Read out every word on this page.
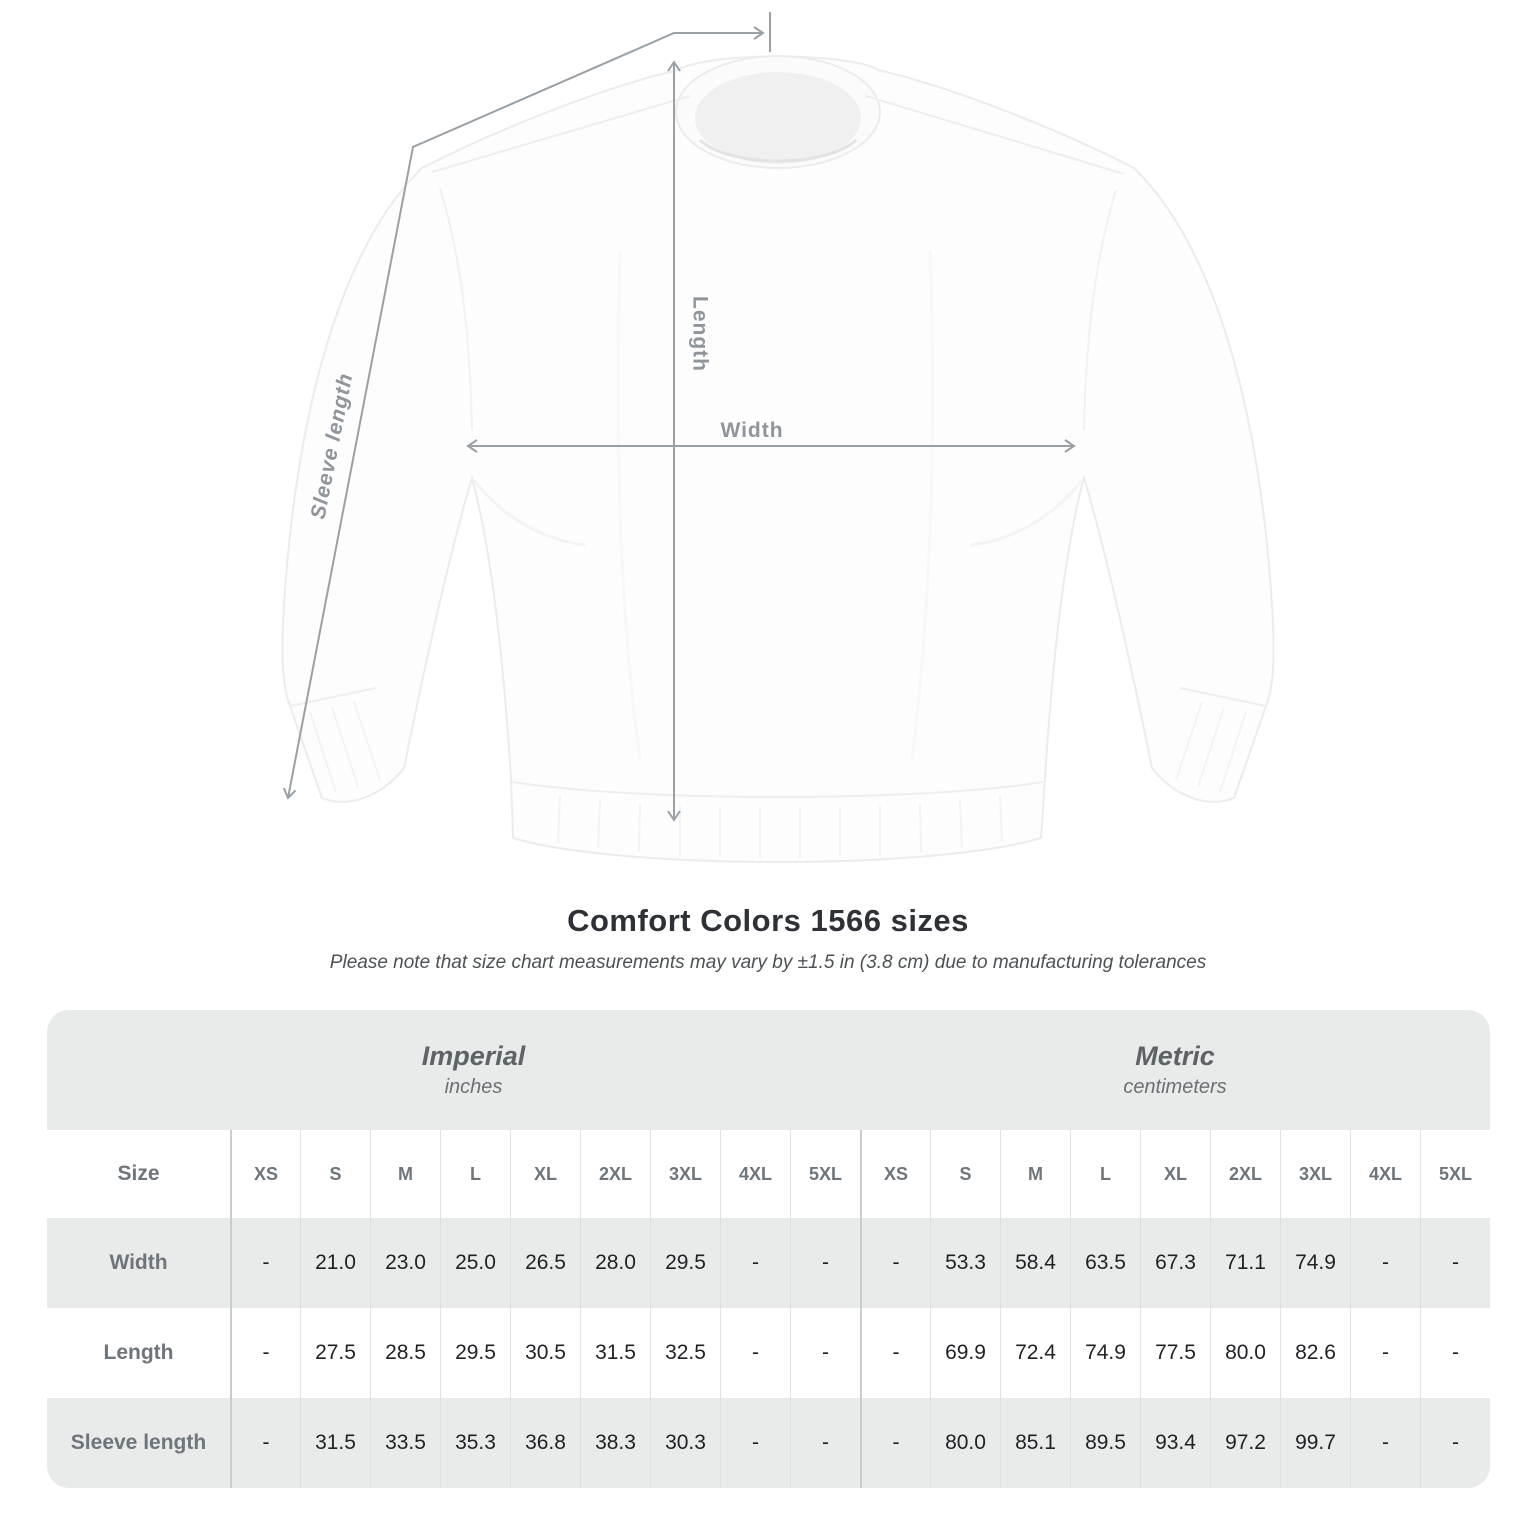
Length
Width
Sleeve length
Comfort Colors 1566 sizes

Please note that size chart measurements may vary by ±1.5 in (3.8 cm) due to manufacturing tolerances

Imperial
inches
Metric
centimeters
Size	XS	S	M	L	XL	2XL	3XL	4XL	5XL	XS	S	M	L	XL	2XL	3XL	4XL	5XL
Width	-	21.0	23.0	25.0	26.5	28.0	29.5	-	-	-	53.3	58.4	63.5	67.3	71.1	74.9	-	-
Length	-	27.5	28.5	29.5	30.5	31.5	32.5	-	-	-	69.9	72.4	74.9	77.5	80.0	82.6	-	-
Sleeve length	-	31.5	33.5	35.3	36.8	38.3	30.3	-	-	-	80.0	85.1	89.5	93.4	97.2	99.7	-	-
